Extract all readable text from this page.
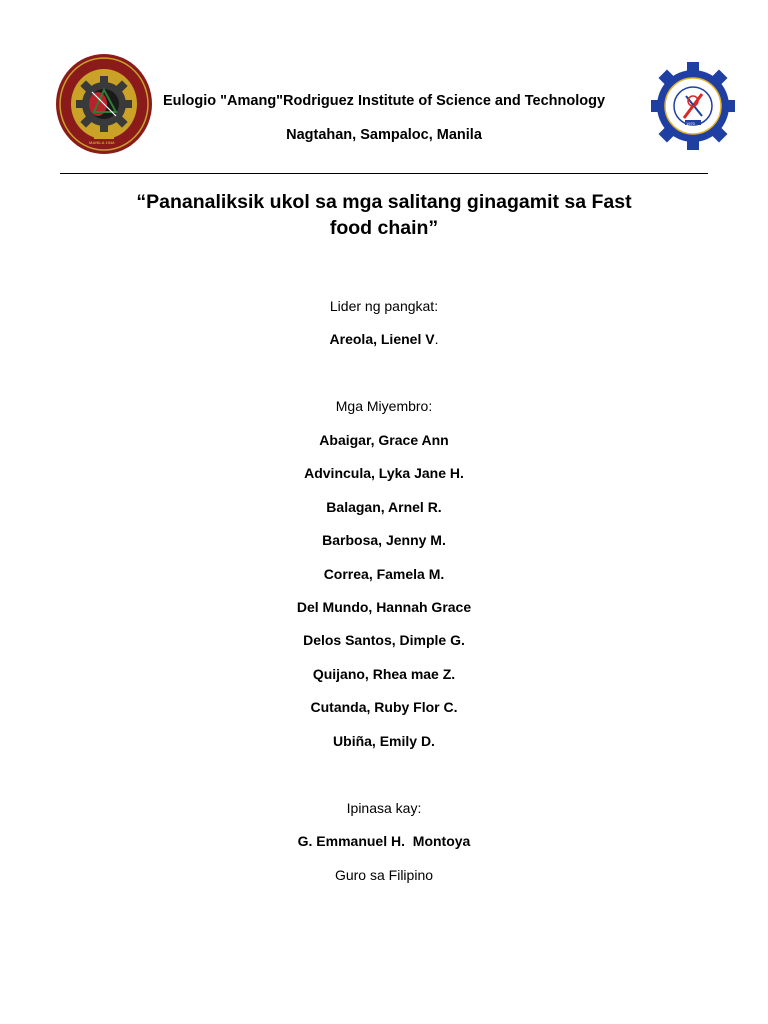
MANILA 1948
1970
Eulogio "Amang"Rodriguez Institute of Science and Technology
Nagtahan, Sampaloc, Manila
“Pananaliksik ukol sa mga salitang ginagamit sa Fast
food chain”
Lider ng pangkat:
Areola, Lienel V.
Mga Miyembro:
Abaigar, Grace Ann
Advincula, Lyka Jane H.
Balagan, Arnel R.
Barbosa, Jenny M.
Correa, Famela M.
Del Mundo, Hannah Grace
Delos Santos, Dimple G.
Quijano, Rhea mae Z.
Cutanda, Ruby Flor C.
Ubiña, Emily D.
Ipinasa kay:
G. Emmanuel H.  Montoya
Guro sa Filipino
